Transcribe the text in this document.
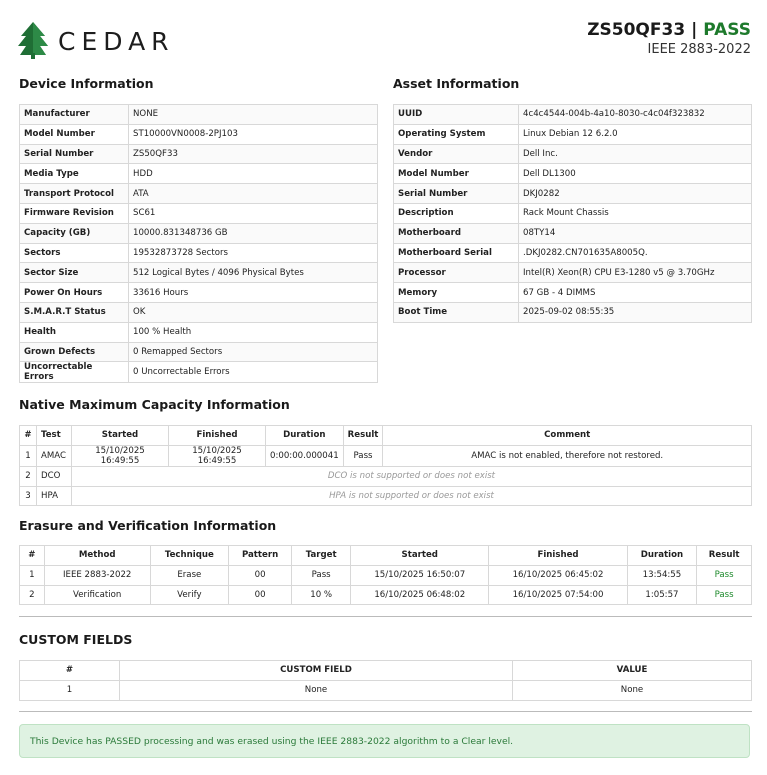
CEDAR	ZS50QF33 | PASS
IEEE 2883-2022
Device Information
Manufacturer	NONE
Model Number	ST10000VN0008-2PJ103
Serial Number	ZS50QF33
Media Type	HDD
Transport Protocol	ATA
Firmware Revision	SC61
Capacity (GB)	10000.831348736 GB
Sectors	19532873728 Sectors
Sector Size	512 Logical Bytes / 4096 Physical Bytes
Power On Hours	33616 Hours
S.M.A.R.T Status	OK
Health	100 % Health
Grown Defects	0 Remapped Sectors
Uncorrectable Errors	0 Uncorrectable Errors
Asset Information
UUID	4c4c4544-004b-4a10-8030-c4c04f323832
Operating System	Linux Debian 12 6.2.0
Vendor	Dell Inc.
Model Number	Dell DL1300
Serial Number	DKJ0282
Description	Rack Mount Chassis
Motherboard	08TY14
Motherboard Serial	.DKJ0282.CN701635A8005Q.
Processor	Intel(R) Xeon(R) CPU E3-1280 v5 @ 3.70GHz
Memory	67 GB - 4 DIMMS
Boot Time	2025-09-02 08:55:35
Native Maximum Capacity Information
#	Test	Started	Finished	Duration	Result	Comment
1	AMAC	15/10/2025 16:49:55	15/10/2025 16:49:55	0:00:00.000041	Pass	AMAC is not enabled, therefore not restored.
2	DCO	DCO is not supported or does not exist				
3	HPA	HPA is not supported or does not exist				
Erasure and Verification Information
#	Method	Technique	Pattern	Target	Started	Finished	Duration	Result
1	IEEE 2883-2022	Erase	00	Pass	15/10/2025 16:50:07	16/10/2025 06:45:02	13:54:55	Pass
2	Verification	Verify	00	10 %	16/10/2025 06:48:02	16/10/2025 07:54:00	1:05:57	Pass
CUSTOM FIELDS
#	CUSTOM FIELD	VALUE
1	None	None
This Device has PASSED processing and was erased using the IEEE 2883-2022 algorithm to a Clear level.
